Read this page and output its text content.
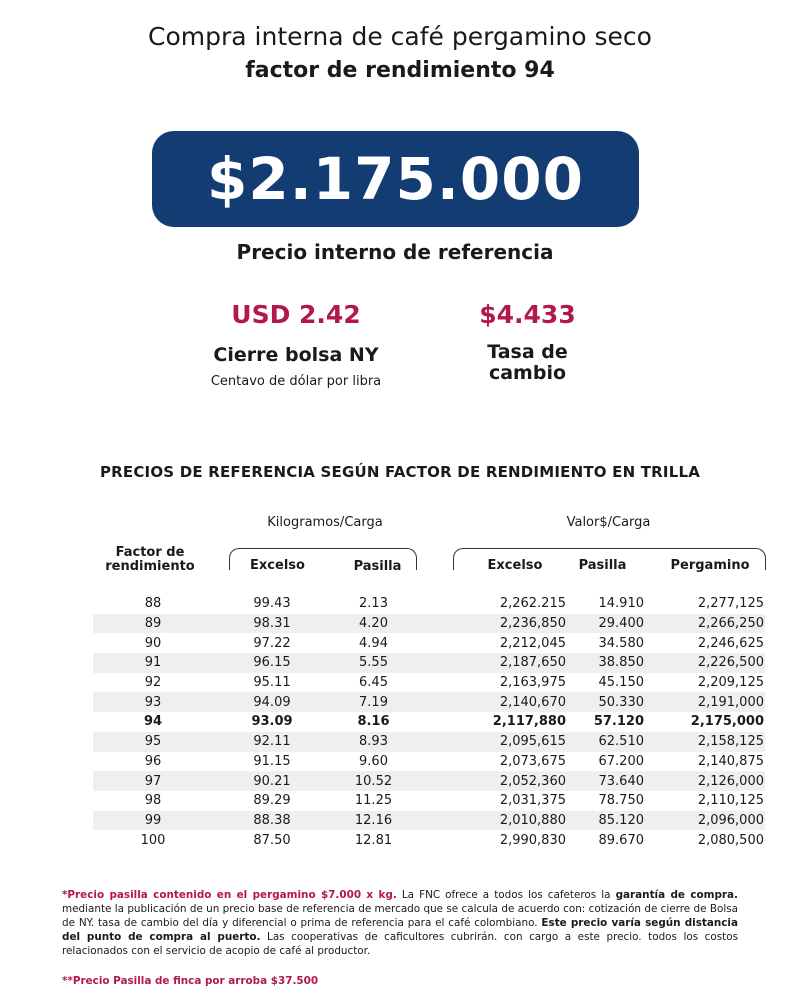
Compra interna de café pergamino seco
factor de rendimiento 94
$2.175.000
Precio interno de referencia
USD 2.42
Cierre bolsa NY
Centavo de dólar por libra
$4.433
Tasa de
cambio
PRECIOS DE REFERENCIA SEGÚN FACTOR DE RENDIMIENTO EN TRILLA
Kilogramos/Carga	Valor$/Carga
Factor de
rendimiento	Excelso	Pasilla	Excelso	Pasilla	Pergamino
88	99.43	2.13	2,262.215	14.910	2,277,125
89	98.31	4.20	2,236,850	29.400	2,266,250
90	97.22	4.94	2,212,045	34.580	2,246,625
91	96.15	5.55	2,187,650	38.850	2,226,500
92	95.11	6.45	2,163,975	45.150	2,209,125
93	94.09	7.19	2,140,670	50.330	2,191,000
94	93.09	8.16	2,117,880	57.120	2,175,000
95	92.11	8.93	2,095,615	62.510	2,158,125
96	91.15	9.60	2,073,675	67.200	2,140,875
97	90.21	10.52	2,052,360	73.640	2,126,000
98	89.29	11.25	2,031,375	78.750	2,110,125
99	88.38	12.16	2,010,880	85.120	2,096,000
100	87.50	12.81	2,990,830	89.670	2,080,500
*Precio pasilla contenido en el pergamino $7.000 x kg. La FNC ofrece a todos los cafeteros la garantía de compra. mediante la publicación de un precio base de referencia de mercado que se calcula de acuerdo con: cotización de cierre de Bolsa de NY. tasa de cambio del día y diferencial o prima de referencia para el café colombiano. Este precio varía según distancia del punto de compra al puerto. Las cooperativas de caficultores cubrirán. con cargo a este precio. todos los costos relacionados con el servicio de acopio de café al productor.
**Precio Pasilla de finca por arroba $37.500
